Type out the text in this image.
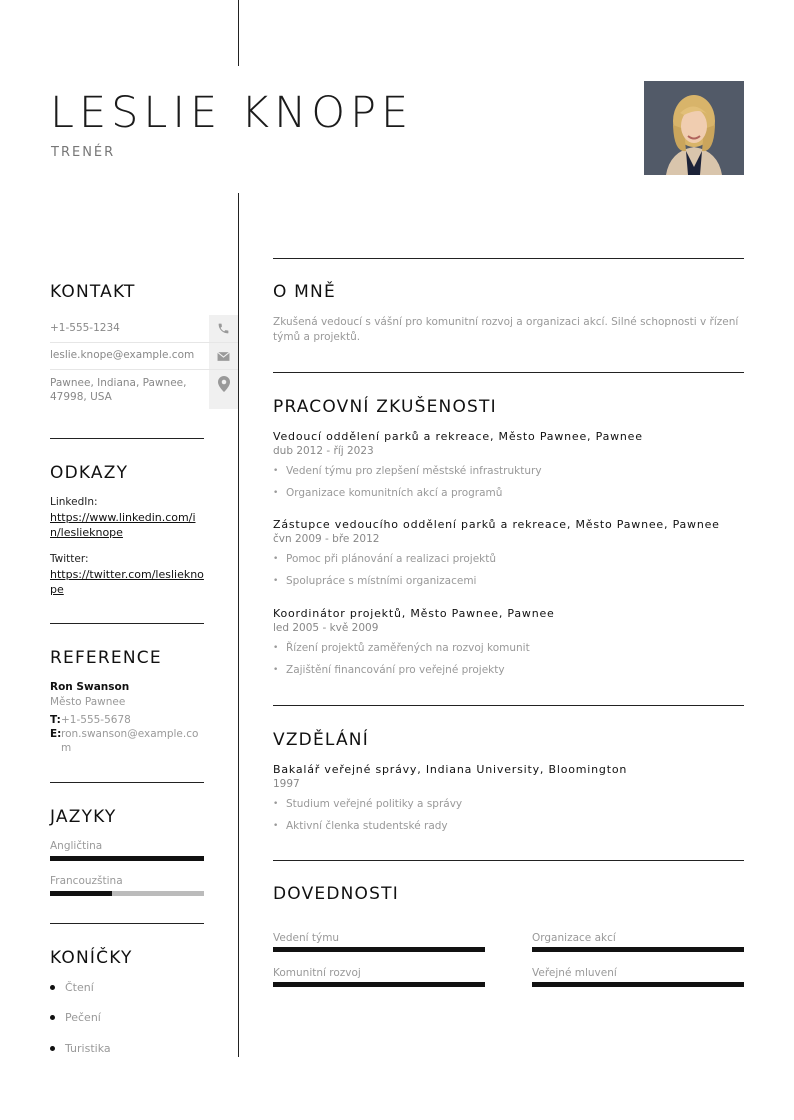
LESLIE KNOPE
TRENÉR
KONTAKT
+1-555-1234
leslie.knope@example.com
Pawnee, Indiana, Pawnee, 47998, USA
ODKAZY
LinkedIn:
https://www.linkedin.com/in/leslieknope
Twitter:
https://twitter.com/leslieknope
REFERENCE
Ron Swanson
Město Pawnee
T:+1-555-5678
E:ron.swanson@example.com
JAZYKY
Angličtina
Francouzština
KONÍČKY
Čtení
Pečení
Turistika
O MNĚ
Zkušená vedoucí s vášní pro komunitní rozvoj a organizaci akcí. Silné schopnosti v řízení týmů a projektů.
PRACOVNÍ ZKUŠENOSTI
Vedoucí oddělení parků a rekreace, Město Pawnee, Pawnee
dub 2012 - říj 2023
• Vedení týmu pro zlepšení městské infrastruktury
• Organizace komunitních akcí a programů
Zástupce vedoucího oddělení parků a rekreace, Město Pawnee, Pawnee
čvn 2009 - bře 2012
• Pomoc při plánování a realizaci projektů
• Spolupráce s místními organizacemi
Koordinátor projektů, Město Pawnee, Pawnee
led 2005 - kvě 2009
• Řízení projektů zaměřených na rozvoj komunit
• Zajištění financování pro veřejné projekty
VZDĚLÁNÍ
Bakalář veřejné správy, Indiana University, Bloomington
1997
• Studium veřejné politiky a správy
• Aktivní členka studentské rady
DOVEDNOSTI
Vedení týmu	Organizace akcí
Komunitní rozvoj	Veřejné mluvení
